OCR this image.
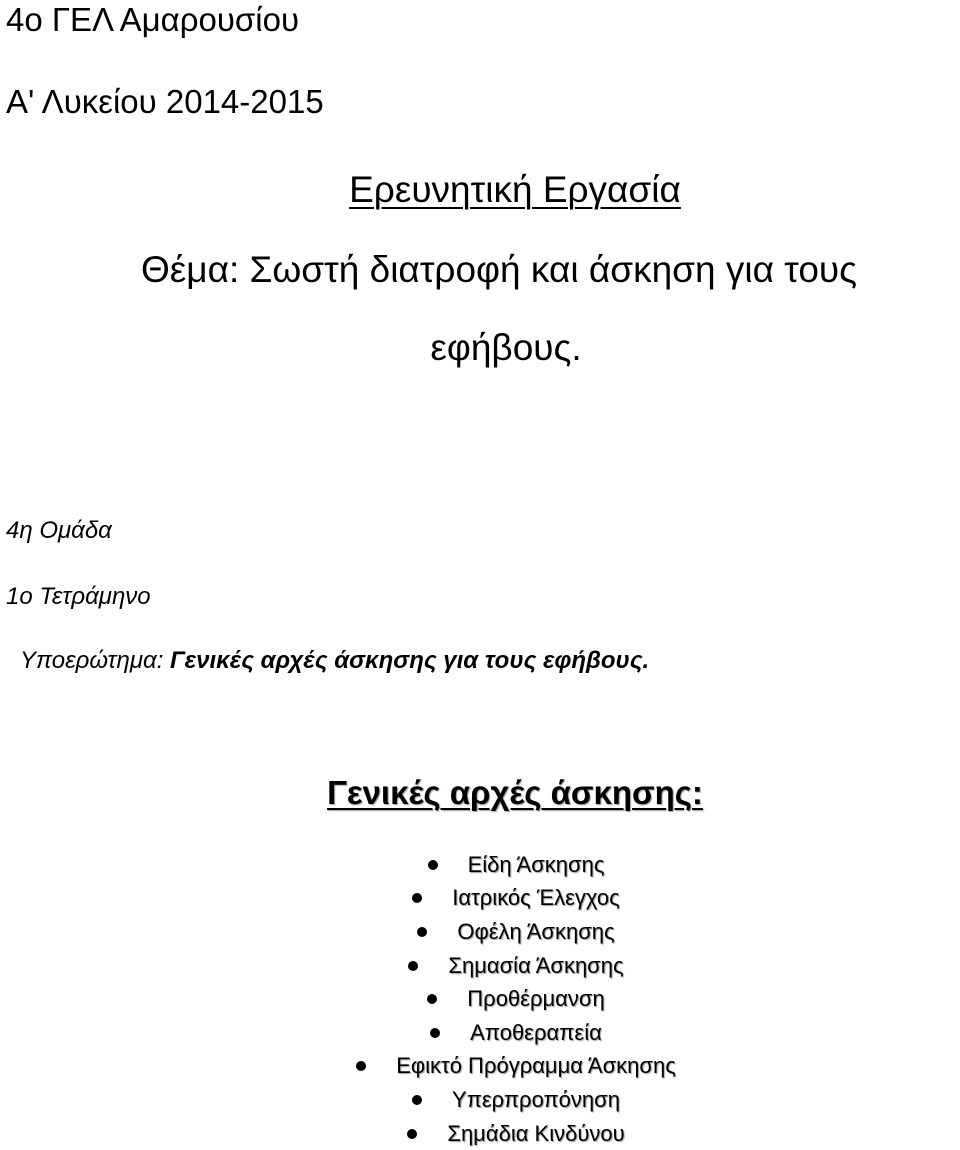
4ο ΓΕΛ Αμαρουσίου

Α' Λυκείου 2014-2015

Ερευνητική Εργασία

Θέμα: Σωστή διατροφή και άσκηση για τους

εφήβους.

4η Ομάδα

1ο Τετράμηνο

Υποερώτημα: Γενικές αρχές άσκησης για τους εφήβους.

Γενικές αρχές άσκησης:
Είδη Άσκησης
Ιατρικός Έλεγχος
Οφέλη Άσκησης
Σημασία Άσκησης
Προθέρμανση
Αποθεραπεία
Εφικτό Πρόγραμμα Άσκησης
Υπερπροπόνηση
Σημάδια Κινδύνου
